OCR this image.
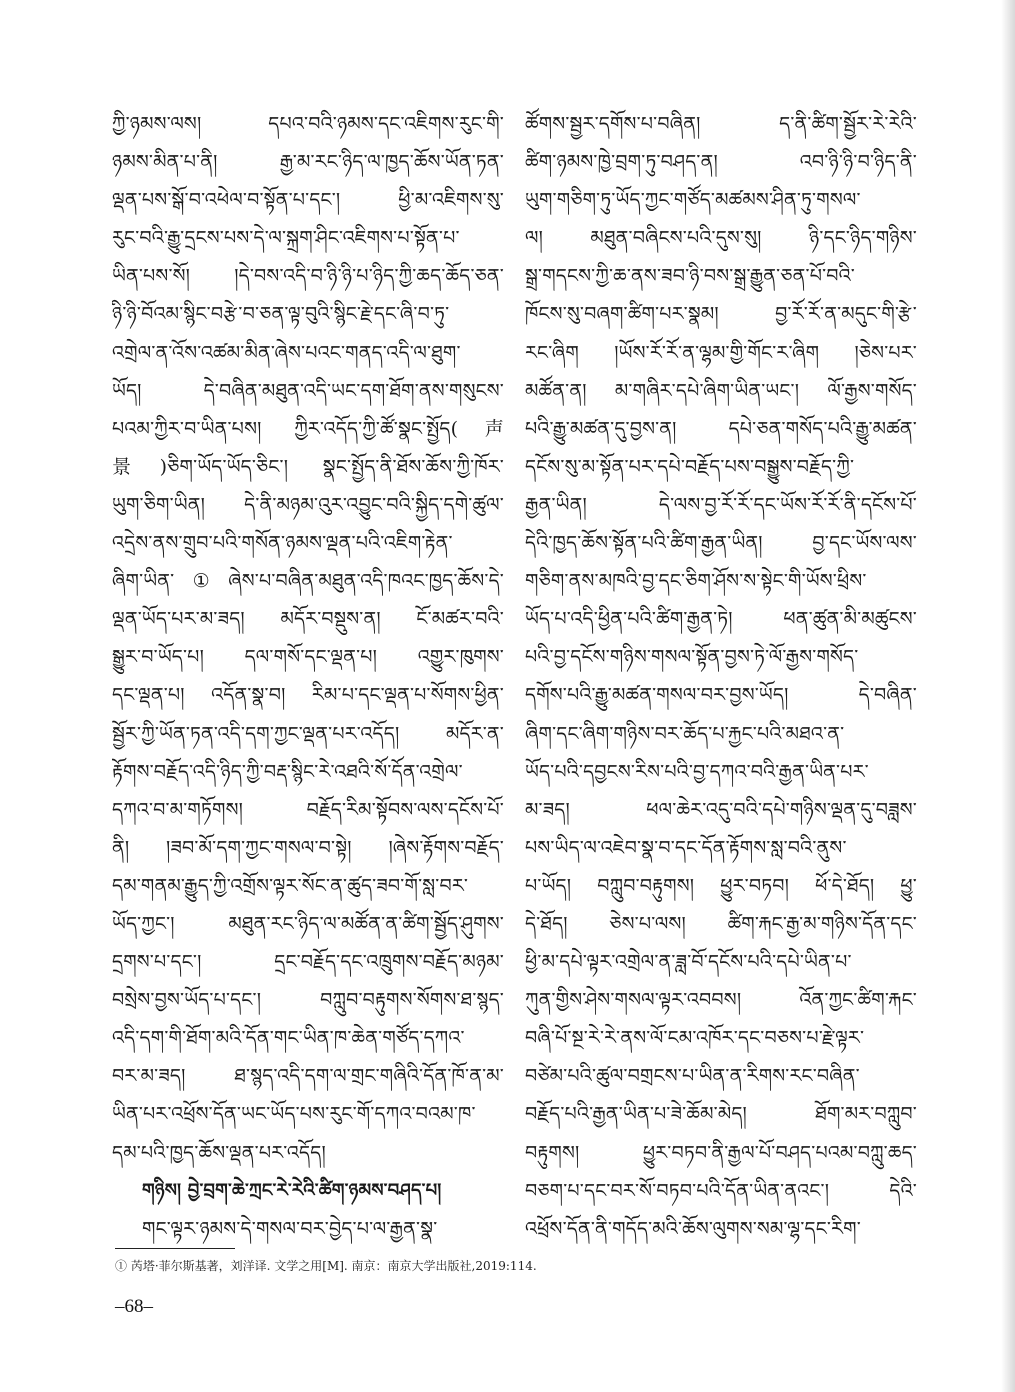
ཀྱི་ཉམས་ལས། དཔའ་བའི་ཉམས་དང་འཇིགས་རུང་གི་
ཉམས་མིན་པ་ནི། རྒྱ་མ་རང་ཉིད་ལ་ཁྱད་ཆོས་ཡོན་ཏན་
ལྡན་པས་སྒོ་བ་འཕེལ་བ་སྟོན་པ་དང་། ཕྱི་མ་འཇིགས་སུ་
རུང་བའི་རྒྱུ་དྲངས་པས་དེ་ལ་སྐྲག་ཤིང་འཇིགས་པ་སྟོན་པ་
ཡིན་པས་སོ། །དེ་བས་འདི་བ་ཉི་ཉི་པ་ཉིད་ཀྱི་ཆད་ཆོད་ཅན་
ཉི་ཉི་བོའམ་སྙིང་བརྩེ་བ་ཅན་ལྟ་བུའི་སྙིང་རྗེ་དང་ཞི་བ་ཏུ་
འགྲེལ་ན་འོས་འཚམ་མིན་ཞེས་པའང་གནད་འདི་ལ་ཐུག་
ཡོད། དེ་བཞིན་མཐུན་འདི་ཡང་དག་ཐོག་ནས་གསུངས་
པའམ་ཀྱིར་བ་ཡིན་པས། ཀྱིར་འདོད་ཀྱི་ཚོ་སྣང་སྤྱོད(声
景)ཅིག་ཡོད་ཡོད་ཅིང་། སྣང་སྤྱོད་ནི་ཐོས་ཆོས་ཀྱི་ཁོར་
ཡུག་ཅིག་ཡིན། དེ་ནི་མཉམ་འུར་འབྱུང་བའི་སྐྱིད་དགེ་ཚུལ་
འདྲེས་ནས་གྲུབ་པའི་གསོན་ཉམས་ལྡན་པའི་འཇིག་རྟེན་
ཞིག་ཡིན་①ཞེས་པ་བཞིན་མཐུན་འདི་ཁའང་ཁྱད་ཆོས་དེ་
ལྡན་ཡོད་པར་མ་ཟད། མདོར་བསྡུས་ན། ངོ་མཚར་བའི་
སྒྱུར་བ་ཡོད་པ། དལ་གསོ་དང་ལྡན་པ། འགྱུར་ཁུགས་
དང་ལྡན་པ། འདོན་སྣ་བ། རིམ་པ་དང་ལྡན་པ་སོགས་ཕྱིན་
སྦྱོར་ཀྱི་ཡོན་ཏན་འདི་དག་ཀྱང་ལྡན་པར་འདོད། མདོར་ན་
རྟོགས་བརྗོད་འདི་ཉིད་ཀྱི་བརྡ་སྙིང་རེ་འཐའི་སོ་དོན་འགྲེལ་
དཀའ་བ་མ་གཏོགས། བརྗོད་རིམ་སྟོབས་ལས་དངོས་པོ་
ནི། །ཟབ་མོ་དག་ཀྱང་གསལ་བ་སྟེ། །ཞེས་རྟོགས་བརྗོད་
དམ་གནམ་རྒྱུད་ཀྱི་འགྲོས་ལྟར་སོང་ན་ཚུད་ཟབ་གོ་སླ་བར་
ཡོད་ཀྱང་། མཐུན་རང་ཉིད་ལ་མཚོན་ན་ཚིག་སྦྱོད་ཤུགས་
དྲགས་པ་དང་། དྲང་བརྗོད་དང་འཁྲུགས་བརྗོད་མཉམ་
བསྲེས་བྱས་ཡོད་པ་དང་། བཀླུབ་བརྟུགས་སོགས་ཐ་སྙད་
འདི་དག་གི་ཐོག་མའི་དོན་གང་ཡིན་ཁ་ཆེན་གཙོད་དཀའ་
བར་མ་ཟད། ཐ་སྙད་འདི་དག་ལ་གྲང་གཞིའི་དོན་ཁོ་ན་མ་
ཡིན་པར་འཕྲོས་དོན་ཡང་ཡོད་པས་རུང་གོ་དཀའ་བའམ་ཁ་
དམ་པའི་ཁྱད་ཆོས་ལྡན་པར་འདོད།
གཉིས། བྱེ་བྲག་ཆེ་ཀྲང་རེ་རེའི་ཚིག་ཉམས་བཤད་པ།
གང་ལྟར་ཉམས་དེ་གསལ་བར་བྱེད་པ་ལ་རྒྱན་སྣ་
ཚོགས་སྦྱར་དགོས་པ་བཞིན། ད་ནི་ཚིག་སྦྱོར་རེ་རེའི་
ཚིག་ཉམས་ཁྱེ་བྲག་ཏུ་བཤད་ན། འབ་ཉི་ཉི་བ་ཉིད་ནི་
ཡུག་གཅིག་ཏུ་ཡོད་ཀྱང་གཙོད་མཚམས་ཤིན་ཏུ་གསལ་
ལ། མཐུན་བཞིངས་པའི་དུས་སུ། ཉི་དང་ཉིད་གཉིས་
སྒྲ་གདངས་ཀྱི་ཆ་ནས་ཟབ་ཉི་བས་སྒྲ་རྒྱུན་ཅན་པོ་བའི་
ཁོངས་སུ་བཞག་ཚིག་པར་སྣམ། བྱ་རོ་རོ་ན་མདུང་གི་རྩེ་
རང་ཞིག །ཡོས་རོ་རོ་ན་ལྷམ་གྱི་གོང་ར་ཞིག །ཅེས་པར་
མཚོན་ན། མ་གཞིར་དཔེ་ཞིག་ཡིན་ཡང་། ལོ་རྒྱས་གསོད་
པའི་རྒྱུ་མཚན་དུ་བྱས་ན། དཔེ་ཅན་གསོད་པའི་རྒྱུ་མཚན་
དངོས་སུ་མ་སྟོན་པར་དཔེ་བརྗོད་པས་བསྒྱུས་བརྗོད་ཀྱི་
རྒྱན་ཡིན། དེ་ལས་བྱ་རོ་རོ་དང་ཡོས་རོ་རོ་ནི་དངོས་པོ་
དེའི་ཁྱད་ཆོས་སྟོན་པའི་ཚིག་རྒྱན་ཡིན། བྱ་དང་ཡོས་ལས་
གཅིག་ནས་མཁའི་བྱ་དང་ཅིག་ཤོས་ས་སྟེང་གི་ཡོས་ཕྲིས་
ཡོད་པ་འདི་ཕྱིན་པའི་ཚིག་རྒྱན་ཏེ། ཕན་ཚུན་མི་མཚུངས་
པའི་བྱ་དངོས་གཉིས་གསལ་སྟོན་བྱས་ཏེ་ལོ་རྒྱས་གསོད་
དགོས་པའི་རྒྱུ་མཚན་གསལ་བར་བྱས་ཡོད། དེ་བཞིན་
ཞིག་དང་ཞིག་གཉིས་བར་ཆོད་པ་རྐྱང་པའི་མཐའ་ན་
ཡོད་པའི་དབྱངས་རིས་པའི་བྱ་དཀའ་བའི་རྒྱན་ཡིན་པར་
མ་ཟད། ཕལ་ཆེར་འདུ་བའི་དཔེ་གཉིས་ལྡན་དུ་བཟླས་
པས་ཡིད་ལ་འཇེབ་སྣ་བ་དང་དོན་རྟོགས་སླ་བའི་ནུས་
པ་ཡོད། བཀླུབ་བརྟུགས། ཕྱུར་བཏབ། ཕོ་དེ་ཐོད། ཕྱུ་
དེ་ཐོད། ཅེས་པ་ལས། ཚིག་རྐང་རྒྱ་མ་གཉིས་དོན་དང་
ཕྱི་མ་དཔེ་ལྟར་འགྲེལ་ན་ཟླ་བོ་དངོས་པའི་དཔེ་ཡིན་པ་
ཀུན་གྱིས་ཤེས་གསལ་ལྟར་འབབས། འོན་ཀྱང་ཚིག་རྐང་
བཞི་པོ་སྔ་རེ་རེ་ནས་ལོ་ངམ་འཁོར་དང་བཅས་པ་རྗེ་ལྟར་
བཙེམ་པའི་ཚུལ་བགྲངས་པ་ཡིན་ན་རིགས་རང་བཞིན་
བརྗོད་པའི་རྒྱན་ཡིན་པ་ཟེ་ཆོམ་མེད། ཐོག་མར་བཀླུབ་
བརྟུགས། ཕྱུར་བཏབ་ནི་རྒྱལ་པོ་བཤད་པའམ་བཀླུ་ཆད་
བཅག་པ་དང་བར་སོ་བཏབ་པའི་དོན་ཡིན་ནའང་། དེའི་
འཕྲོས་དོན་ནི་གདོད་མའི་ཆོས་ལུགས་སམ་ལྷ་དང་རིག་
① 芮塔·菲尔斯基著，刘洋译. 文学之用[M]. 南京：南京大学出版社,2019:114.
–68–
